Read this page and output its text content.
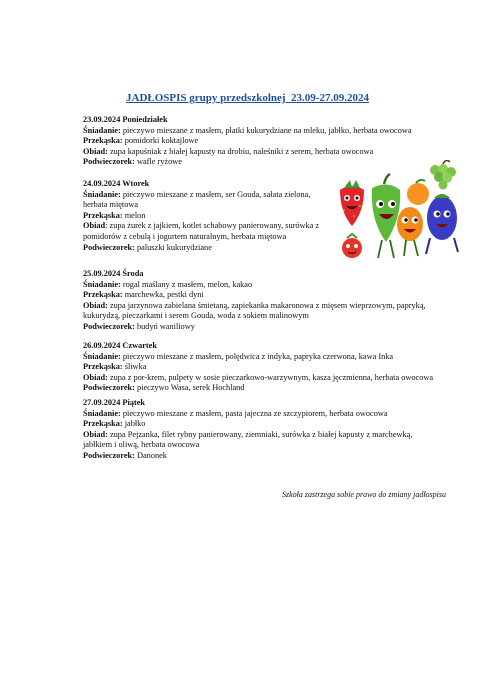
JADŁOSPIS grupy przedszkolnej  23.09-27.09.2024
23.09.2024 Poniedziałek
Śniadanie: pieczywo mieszane z masłem, płatki kukurydziane na mleku, jabłko, herbata owocowa
Przekąska: pomidorki koktajlowe
Obiad: zupa kapuśniak z białej kapusty na drobiu, naleśniki z serem, herbata owocowa
Podwieczorek: wafle ryżowe
24.09.2024 Wtorek
Śniadanie: pieczywo mieszane z masłem, ser Gouda, sałata zielona, herbata miętowa
Przekąska: melon
Obiad: zupa żurek z jajkiem, kotlet schabowy panierowany, surówka z pomidorów z cebulą i jogurtem naturalnym, herbata miętowa
Podwieczorek: paluszki kukurydziane
25.09.2024 Środa
Śniadanie: rogal maślany z masłem, melon, kakao
Przekąska: marchewka, pestki dyni
Obiad: zupa jarzynowa zabielana śmietaną, zapiekanka makaronowa z mięsem wieprzowym, papryką, kukurydzą, pieczarkami i serem Gouda, woda z sokiem malinowym
Podwieczorek: budyń waniliowy
26.09.2024 Czwartek
Śniadanie: pieczywo mieszane z masłem, polędwica z indyka, papryka czerwona, kawa Inka
Przekąska: śliwka
Obiad: zupa z por-krem, pulpety w sosie pieczarkowo-warzywnym, kasza jęczmienna, herbata owocowa
Podwieczorek: pieczywo Wasa, serek Hochland
27.09.2024 Piątek
Śniadanie: pieczywo mieszane z masłem, pasta jajeczna ze szczypiorem, herbata owocowa
Przekąska: jabłko
Obiad: zupa Pejzanka, filet rybny panierowany, ziemniaki, surówka z białej kapusty z marchewką, jabłkiem i oliwą, herbata owocowa
Podwieczorek: Danonek
Szkoła zastrzega sobie prawo do zmiany jadłospisu
